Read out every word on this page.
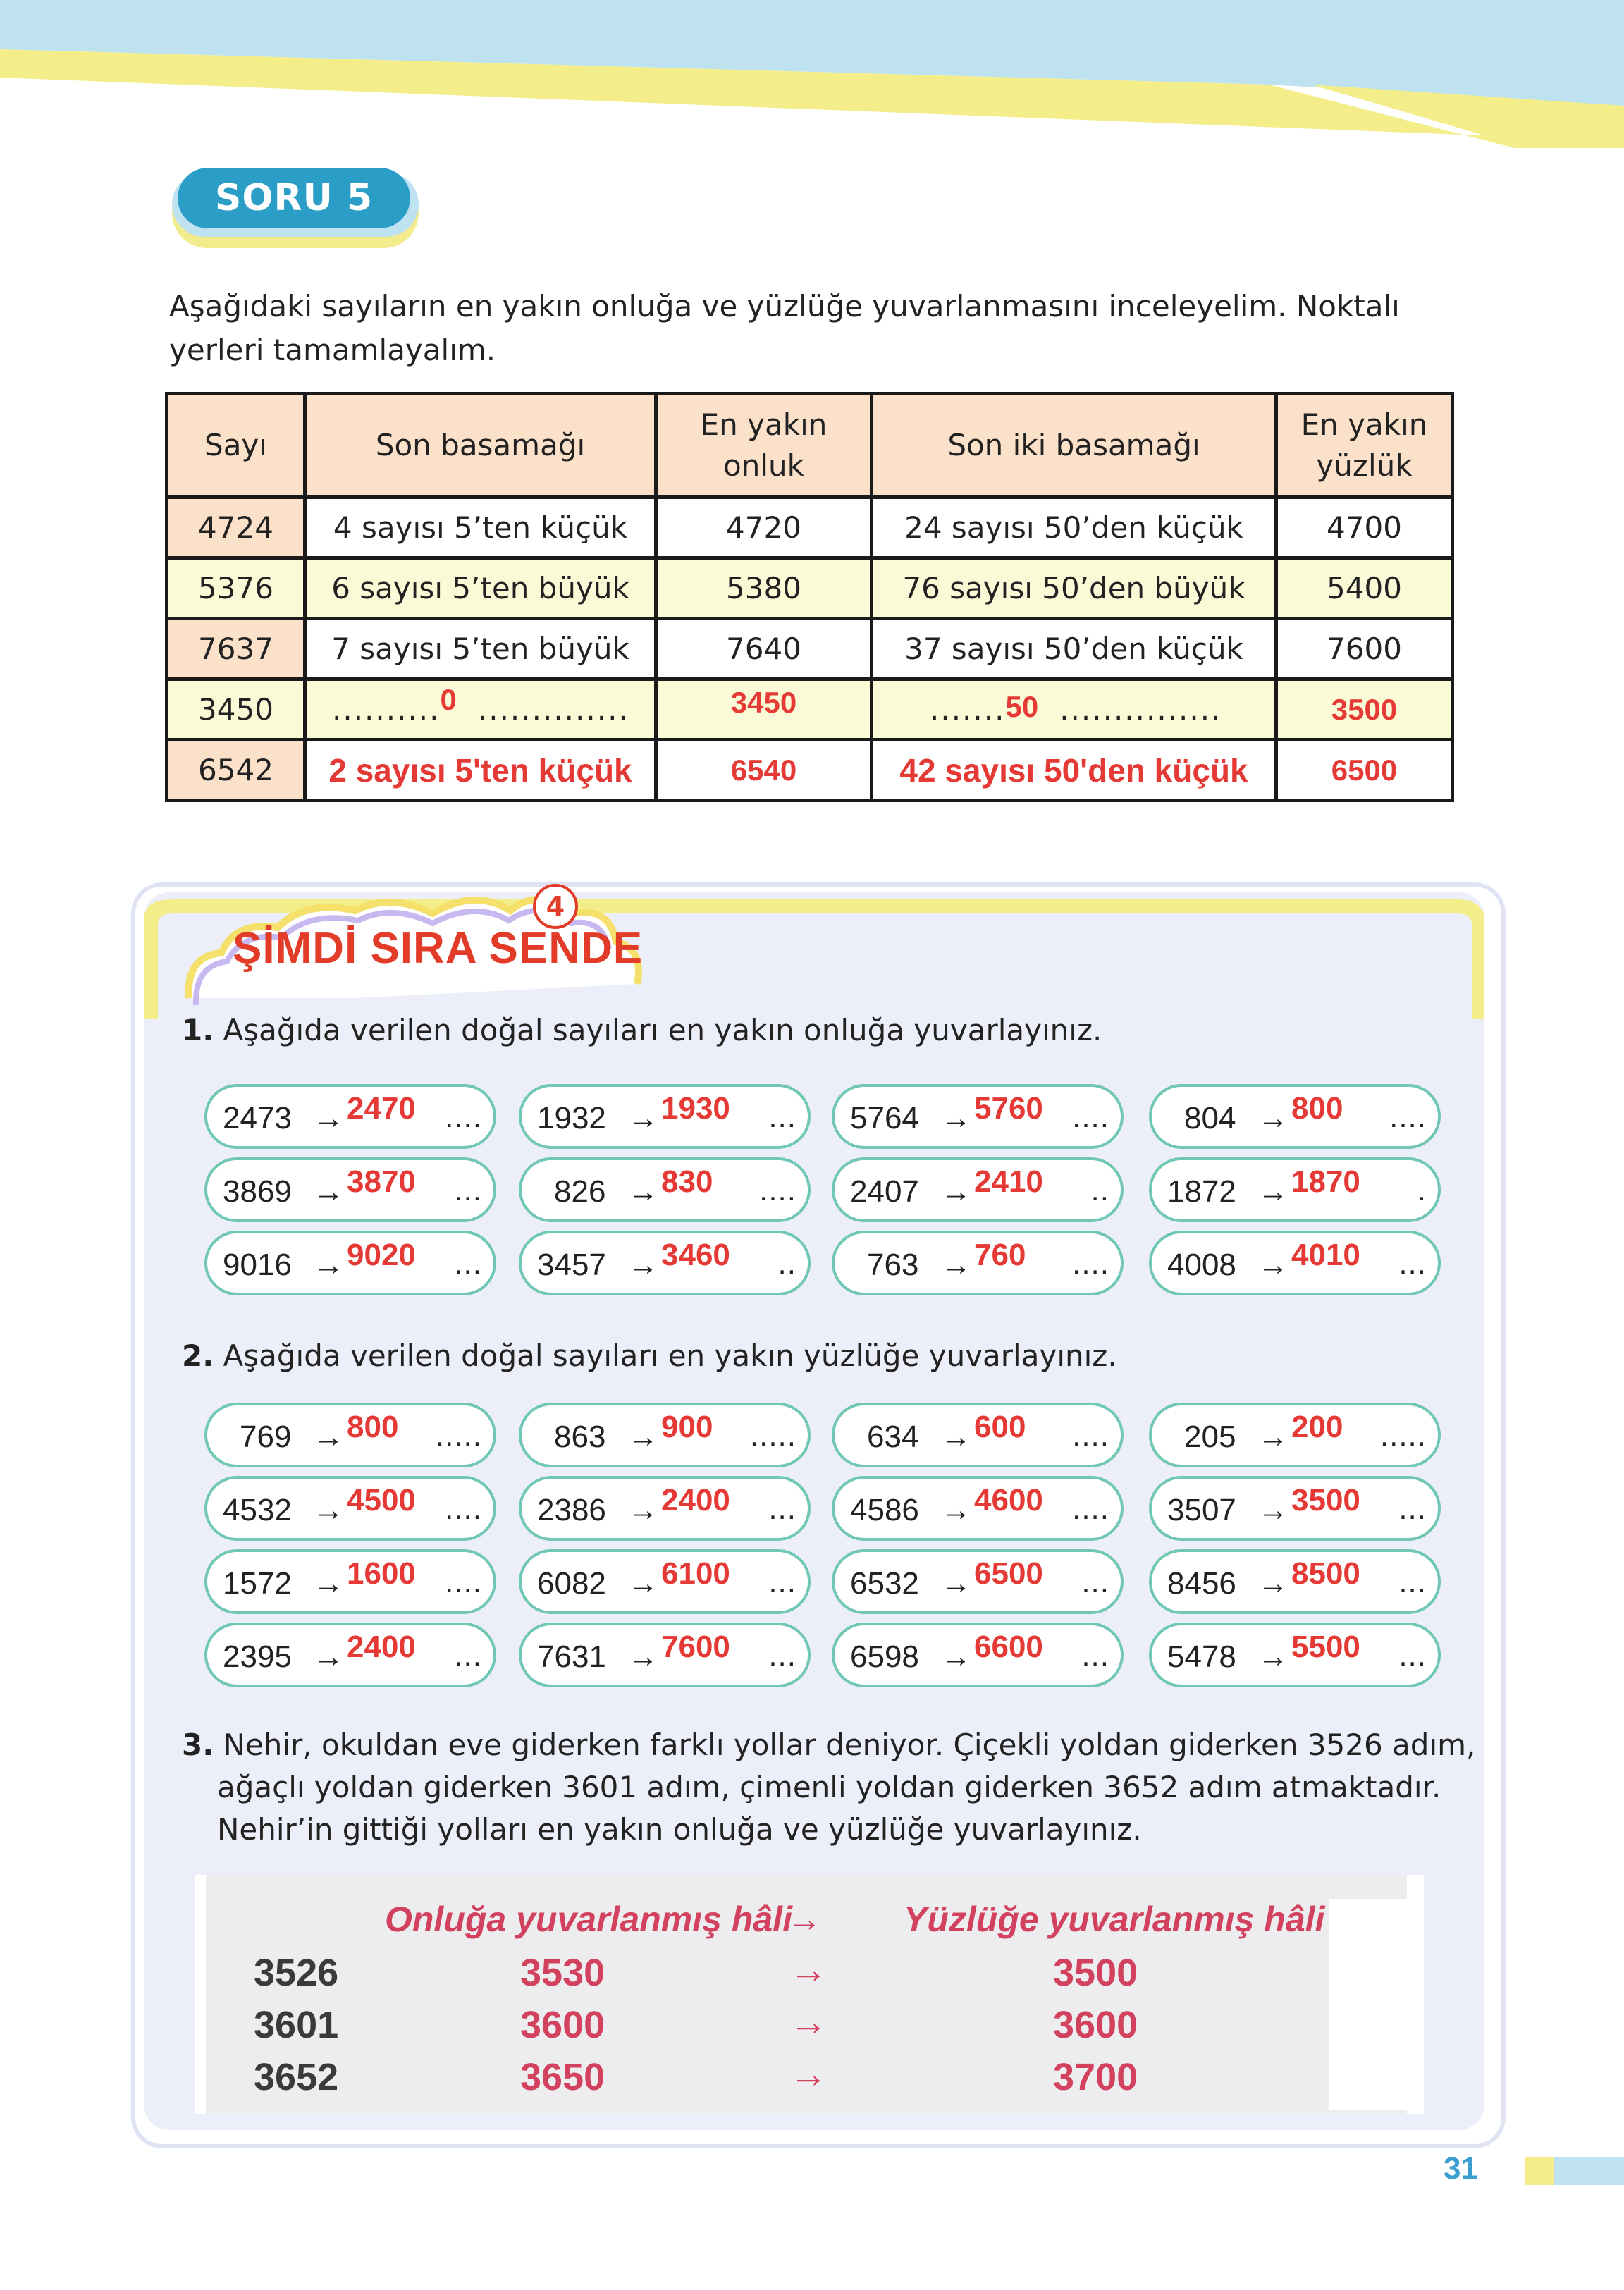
SORU 5
Aşağıdaki sayıların en yakın onluğa ve yüzlüğe yuvarlanmasını inceleyelim. Noktalı yerleri tamamlayalım.
Sayı	Son basamağı	En yakın onluk	Son iki basamağı	En yakın yüzlük
4724	4 sayısı 5’ten küçük	4720	24 sayısı 50’den küçük	4700
5376	6 sayısı 5’ten büyük	5380	76 sayısı 50’den büyük	5400
7637	7 sayısı 5’ten büyük	7640	37 sayısı 50’den küçük	7600
3450	..........0 ..............	3450	.......50 ...............	3500
6542	2 sayısı 5'ten küçük	6540	42 sayısı 50'den küçük	6500
4
ŞİMDİ SIRA SENDE
1. Aşağıda verilen doğal sayıları en yakın onluğa yuvarlayınız.
2473 → 2470 .... 1932 → 1930 ... 5764 → 5760 .... 804 → 800 ....
3869 → 3870 ... 826 → 830 .... 2407 → 2410 .. 1872 → 1870 .
9016 → 9020 ... 3457 → 3460 .. 763 → 760 .... 4008 → 4010 ...
2. Aşağıda verilen doğal sayıları en yakın yüzlüğe yuvarlayınız.
769 → 800 ..... 863 → 900 ..... 634 → 600 .... 205 → 200 .....
4532 → 4500 .... 2386 → 2400 ... 4586 → 4600 .... 3507 → 3500 ...
1572 → 1600 .... 6082 → 6100 ... 6532 → 6500 ... 8456 → 8500 ...
2395 → 2400 ... 7631 → 7600 ... 6598 → 6600 ... 5478 → 5500 ...
3. Nehir, okuldan eve giderken farklı yollar deniyor. Çiçekli yoldan giderken 3526 adım, ağaçlı yoldan giderken 3601 adım, çimenli yoldan giderken 3652 adım atmaktadır. Nehir’in gittiği yolları en yakın onluğa ve yüzlüğe yuvarlayınız.
Onluğa yuvarlanmış hâli
→ Yüzlüğe yuvarlanmış hâli
3526	3530	→	3500
3601	3600	→	3600
3652	3650	→	3700
31
